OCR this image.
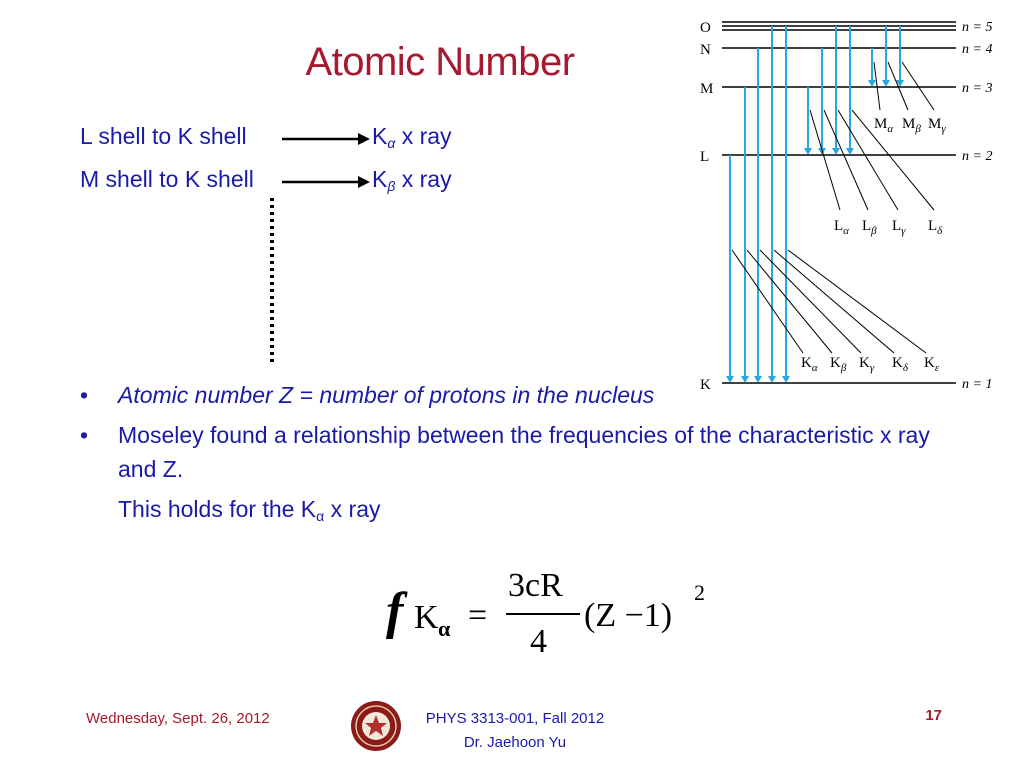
Atomic Number
L shell to K shell	$K_\alpha$ x ray
M shell to K shell	$K_\beta$ x ray
O	n = 5
N	n = 4
M	n = 3
L	n = 2
K	n = 1
$K_\alpha$ $K_\beta$ $K_\gamma$ $K_\delta$ $K_\varepsilon$
$L_\alpha$ $L_\beta$ $L_\gamma$ $L_\delta$
$M_\alpha$ $M_\beta$ $M_\gamma$
• Atomic number Z = number of protons in the nucleus
• Moseley found a relationship between the frequencies of the characteristic x ray and Z.
This holds for the Kα x ray
f K α =
3cR
4
(Z −1)
2
Wednesday, Sept. 26, 2012	PHYS 3313-001, Fall 2012
Dr. Jaehoon Yu
17
